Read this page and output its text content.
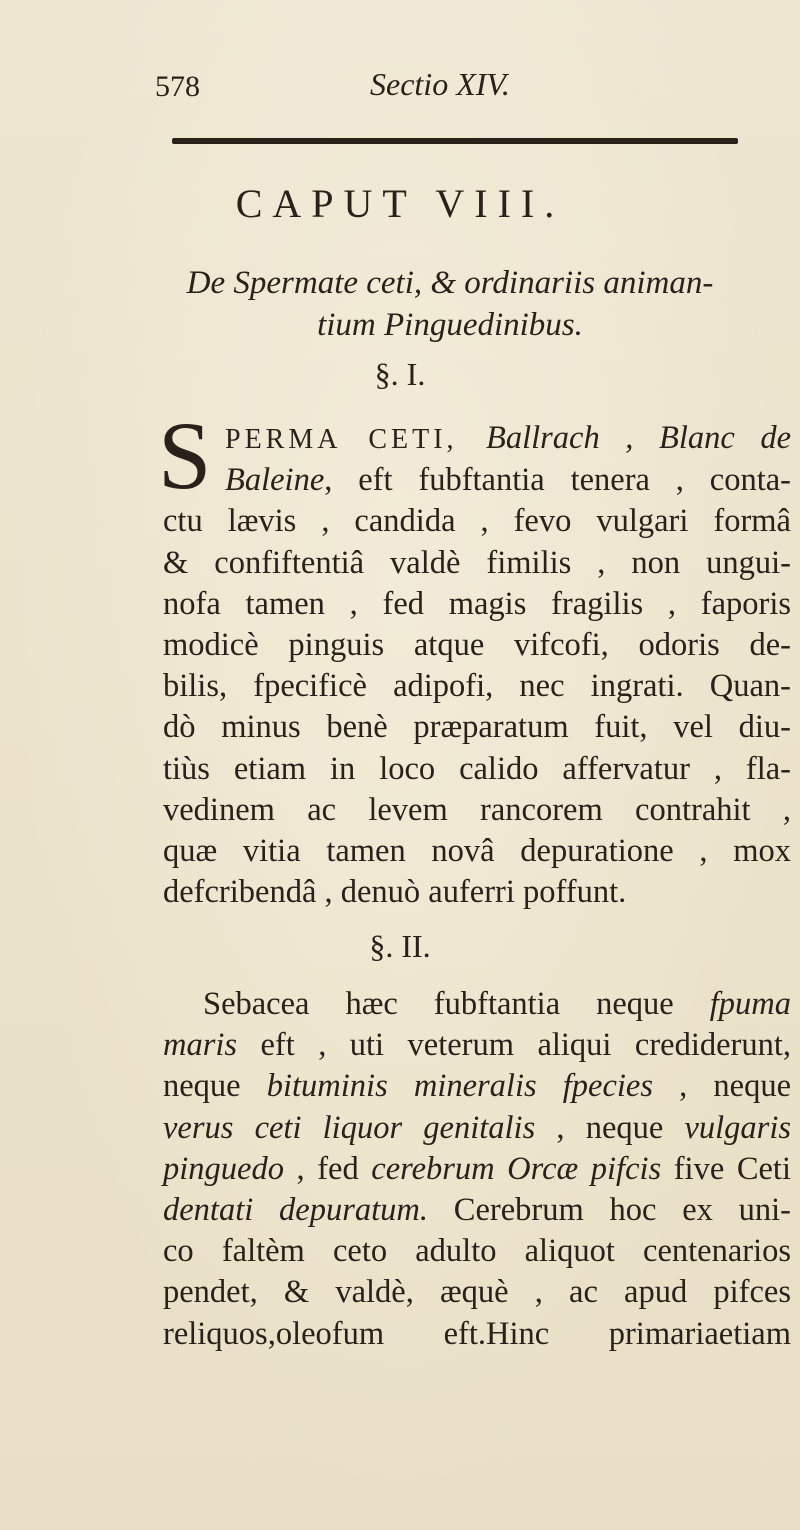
578	Sectio XIV.
CAPUT VIII.
De Spermate ceti, & ordinariis animan-
tium Pinguedinibus.
§. I.
S PERMA CETI, Ballrach , Blanc de
Baleine, eft fubftantia tenera , conta-
ctu lævis , candida , fevo vulgari formâ
& confiftentiâ valdè fimilis , non ungui-
nofa tamen , fed magis fragilis , faporis
modicè pinguis atque vifcofi, odoris de-
bilis, fpecificè adipofi, nec ingrati. Quan-
dò minus benè præparatum fuit, vel diu-
tiùs etiam in loco calido affervatur , fla-
vedinem ac levem rancorem contrahit ,
quæ vitia tamen novâ depuratione , mox
defcribendâ , denuò auferri poffunt.
§. II.
Sebacea hæc fubftantia neque fpuma
maris eft , uti veterum aliqui crediderunt,
neque bituminis mineralis fpecies , neque
verus ceti liquor genitalis , neque vulgaris
pinguedo , fed cerebrum Orcæ pifcis five Ceti
dentati depuratum. Cerebrum hoc ex uni-
co faltèm ceto adulto aliquot centenarios
pendet, & valdè, æquè , ac apud pifces
reliquos,oleofum eft.Hinc primariaetiam
